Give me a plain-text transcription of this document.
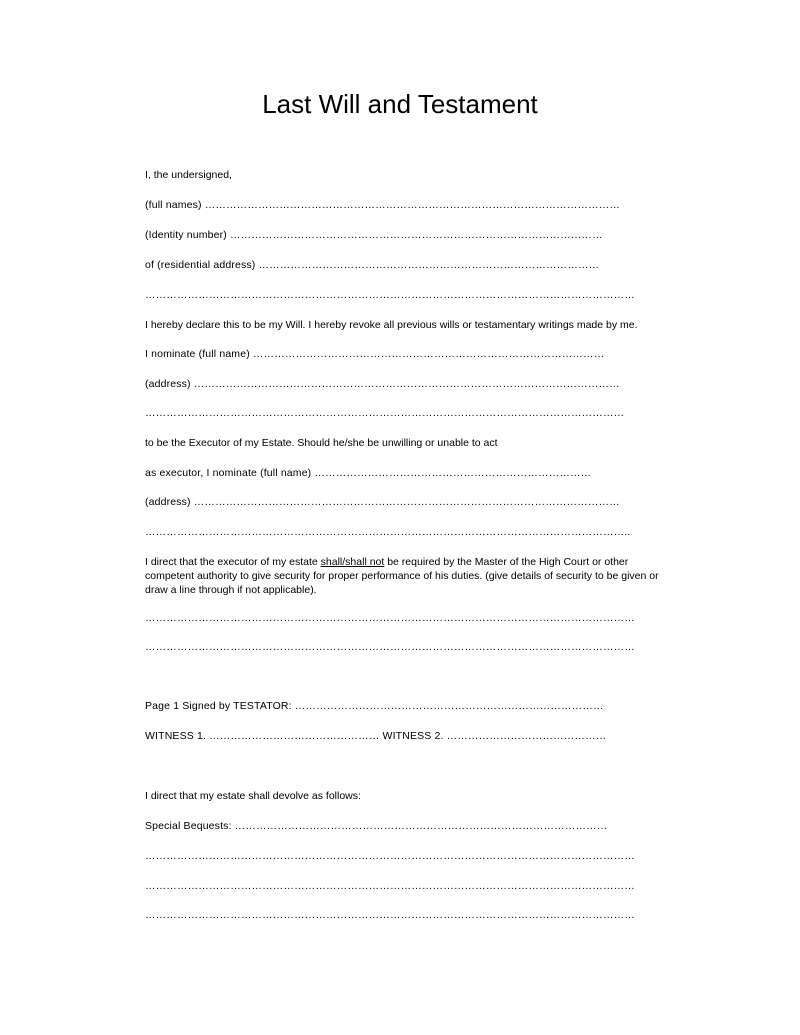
Last Will and Testament
I, the undersigned,
(full names) ………………………………………………………………………………………………………
(Identity number) ……………………………………………………………………………………………
of (residential address) ……………………………………………………………………………………
…………………………………………………………………………………………………………………………
I hereby declare this to be my Will. I hereby revoke all previous wills or testamentary writings made by me.
I nominate (full name) ………………………………………………………………………………………
(address) …………………………………………………………………………………………………………
………………………………………………………………………………………………………………………
to be the Executor of my Estate. Should he/she be unwilling or unable to act
as executor, I nominate (full name) ……………………………………………………………………
(address) …………………………………………………………………………………………………………
………………………………………………………………………………………………………………………..
I direct that the executor of my estate shall/shall not be required by the Master of the High Court or other competent authority to give security for proper performance of his duties. (give details of security to be given or draw a line through if not applicable).
…………………………………………………………………………………………………………………………
…………………………………………………………………………………………………………………………
Page 1 Signed by TESTATOR: ……………………………………………………………………………
WITNESS 1. ………………………………………… WITNESS 2. ………………………………………
I direct that my estate shall devolve as follows:
Special Bequests: ……………………………………………………………………………………………
…………………………………………………………………………………………………………………………
…………………………………………………………………………………………………………………………
…………………………………………………………………………………………………………………………
